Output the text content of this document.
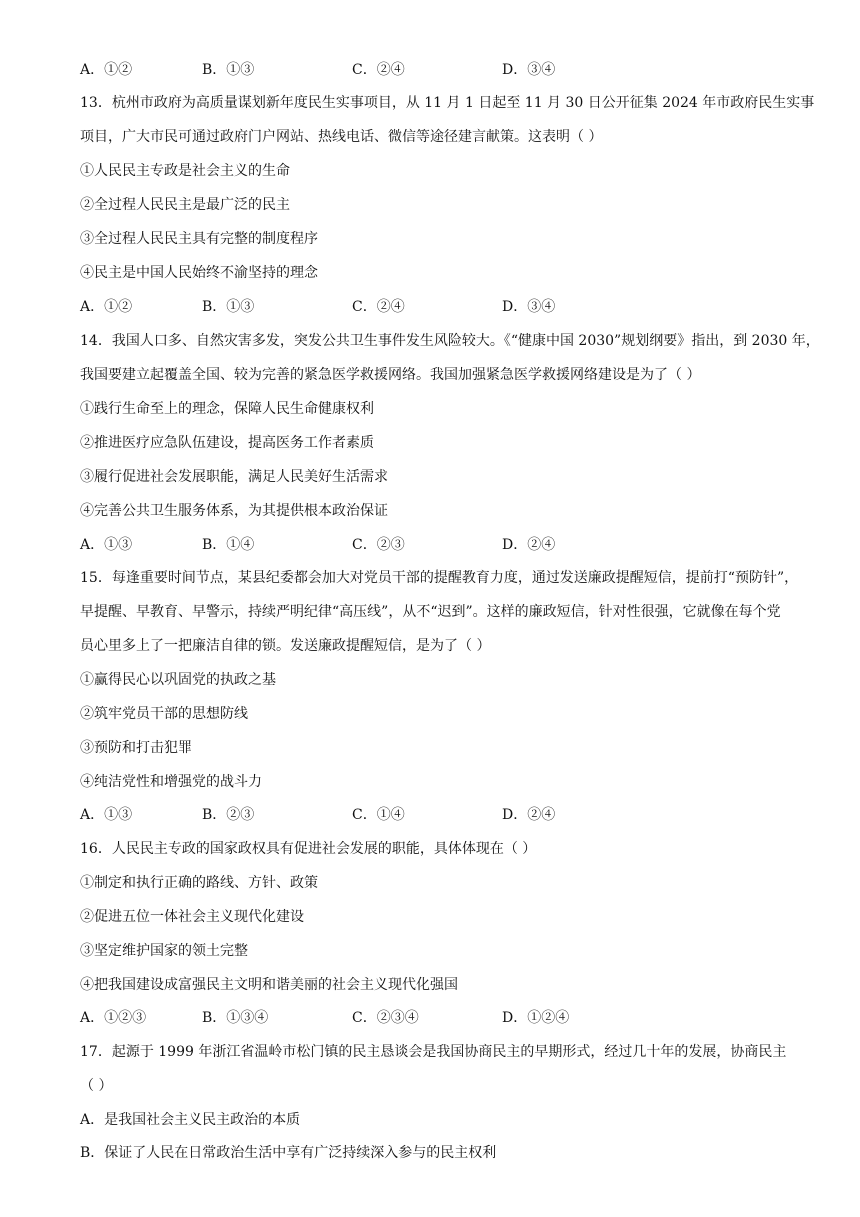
A．①②	B．①③	C．②④	D．③④
13．杭州市政府为高质量谋划新年度民生实事项目，从 11 月 1 日起至 11 月 30 日公开征集 2024 年市政府民生实事
项目，广大市民可通过政府门户网站、热线电话、微信等途径建言献策。这表明（ ）
①人民民主专政是社会主义的生命
②全过程人民民主是最广泛的民主
③全过程人民民主具有完整的制度程序
④民主是中国人民始终不渝坚持的理念
A．①②	B．①③	C．②④	D．③④
14．我国人口多、自然灾害多发，突发公共卫生事件发生风险较大。《“健康中国 2030”规划纲要》指出，到 2030 年，
我国要建立起覆盖全国、较为完善的紧急医学救援网络。我国加强紧急医学救援网络建设是为了（ ）
①践行生命至上的理念，保障人民生命健康权利
②推进医疗应急队伍建设，提高医务工作者素质
③履行促进社会发展职能，满足人民美好生活需求
④完善公共卫生服务体系，为其提供根本政治保证
A．①③	B．①④	C．②③	D．②④
15．每逢重要时间节点，某县纪委都会加大对党员干部的提醒教育力度，通过发送廉政提醒短信，提前打“预防针”，
早提醒、早教育、早警示，持续严明纪律“高压线”，从不“迟到”。这样的廉政短信，针对性很强，它就像在每个党
员心里多上了一把廉洁自律的锁。发送廉政提醒短信，是为了（ ）
①赢得民心以巩固党的执政之基
②筑牢党员干部的思想防线
③预防和打击犯罪
④纯洁党性和增强党的战斗力
A．①③	B．②③	C．①④	D．②④
16．人民民主专政的国家政权具有促进社会发展的职能，具体体现在（ ）
①制定和执行正确的路线、方针、政策
②促进五位一体社会主义现代化建设
③坚定维护国家的领土完整
④把我国建设成富强民主文明和谐美丽的社会主义现代化强国
A．①②③	B．①③④	C．②③④	D．①②④
17．起源于 1999 年浙江省温岭市松门镇的民主恳谈会是我国协商民主的早期形式，经过几十年的发展，协商民主
（ ）
A．是我国社会主义民主政治的本质
B．保证了人民在日常政治生活中享有广泛持续深入参与的民主权利
